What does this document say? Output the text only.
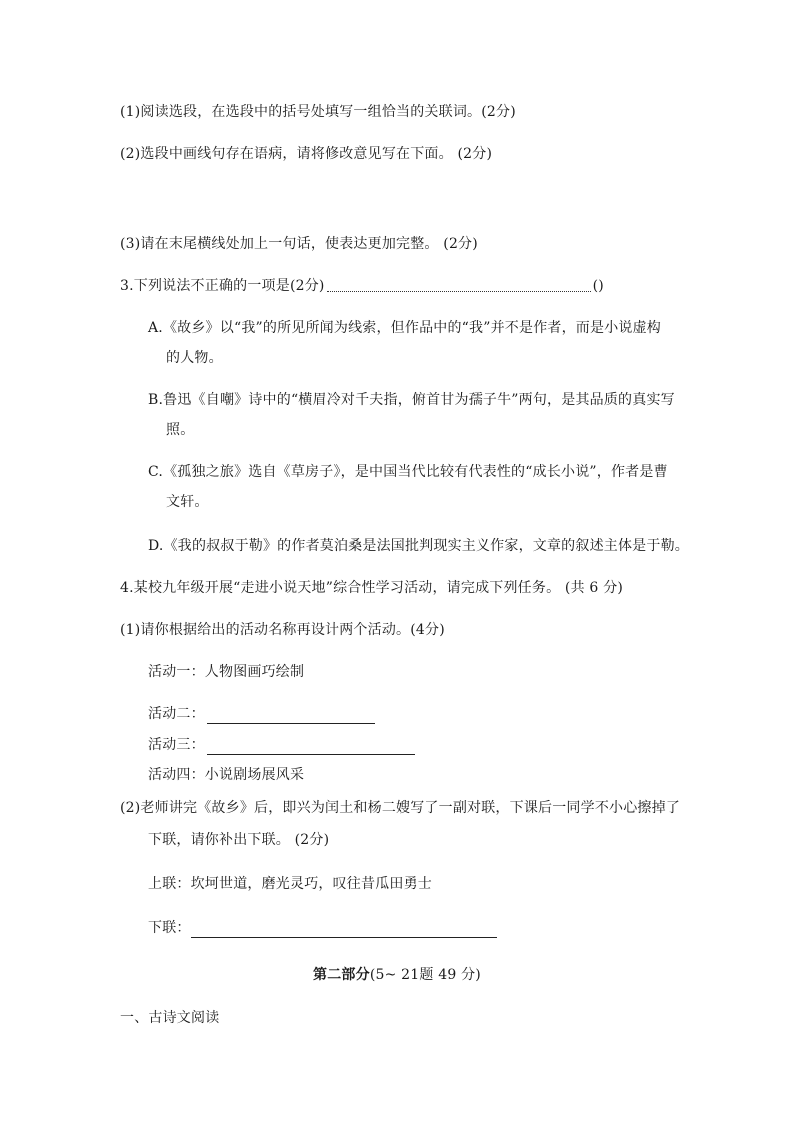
(1)阅读选段，在选段中的括号处填写一组恰当的关联词。(2分)
(2)选段中画线句存在语病，请将修改意见写在下面。 (2分)
(3)请在末尾横线处加上一句话，使表达更加完整。 (2分)
3.下列说法不正确的一项是(2分)	()
A.《故乡》以“我”的所见所闻为线索，但作品中的“我”并不是作者，而是小说虚构
的人物。
B.鲁迅《自嘲》诗中的“横眉冷对千夫指，俯首甘为孺子牛”两句，是其品质的真实写
照。
C.《孤独之旅》选自《草房子》，是中国当代比较有代表性的“成长小说”，作者是曹
文轩。
D.《我的叔叔于勒》的作者莫泊桑是法国批判现实主义作家，文章的叙述主体是于勒。
4.某校九年级开展“走进小说天地”综合性学习活动，请完成下列任务。 (共 6 分)
(1)请你根据给出的活动名称再设计两个活动。(4分)
活动一：人物图画巧绘制
活动二：
活动三：
活动四：小说剧场展风采
(2)老师讲完《故乡》后，即兴为闰土和杨二嫂写了一副对联，下课后一同学不小心擦掉了
下联，请你补出下联。 (2分)
上联：坎坷世道，磨光灵巧，叹往昔瓜田勇士
下联：
第二部分(5~ 21题 49 分)
一、古诗文阅读
